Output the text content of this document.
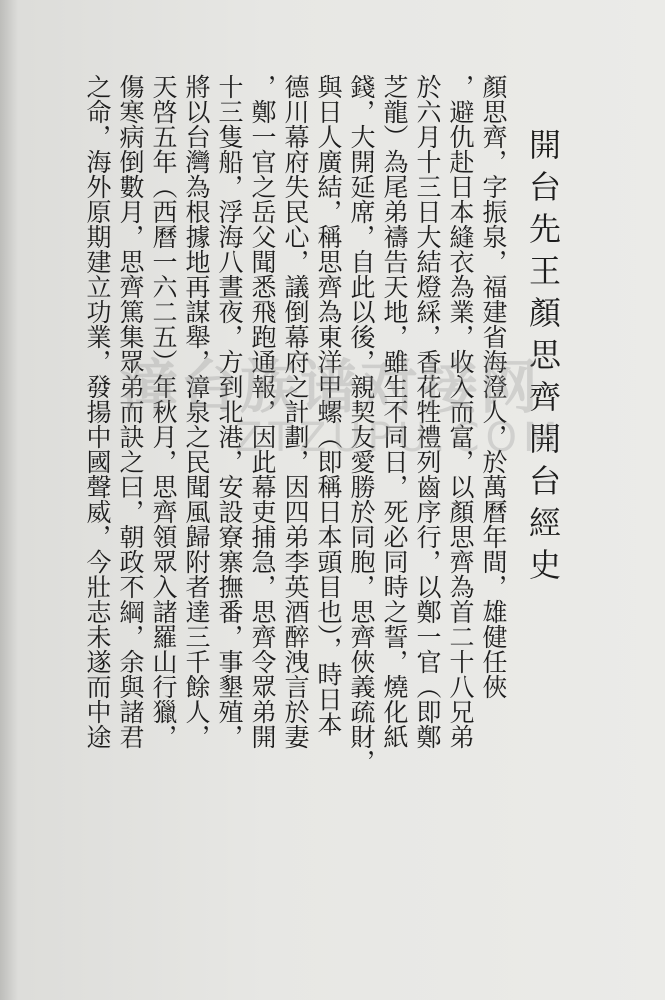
開台先王顏思齊開台經史
顏思齊，字振泉，福建省海澄人，於萬曆年間，雄健任俠
，避仇赴日本縫衣為業，收入而富，以顏思齊為首二十八兄弟
於六月十三日大結燈綵，香花牲禮列齒序行，以鄭一官（即鄭
芝龍）為尾弟禱告天地，雖生不同日，死必同時之誓，燒化紙
錢，大開延席，自此以後，親契友愛勝於同胞，思齊俠義疏財，
與日人廣結，稱思齊為東洋甲螺（即稱日本頭目也），時日本
德川幕府失民心，議倒幕府之計劃，因四弟李英酒醉洩言於妻
，鄭一官之岳父聞悉飛跑通報，因此幕吏捕急，思齊令眾弟開
十三隻船，浮海八晝夜，方到北港，安設寮寨撫番，事墾殖，
將以台灣為根據地再謀舉，漳泉之民聞風歸附者達三千餘人，
天啓五年（西曆一六二五）年秋月，思齊領眾入諸羅山行獵，
傷寒病倒數月，思齊篤集眾弟而訣之曰，朝政不綱，余與諸君
之命，海外原期建立功業，發揚中國聲威，今壯志未遂而中途 漳台族谱对接网
ZTZUPU.COM
